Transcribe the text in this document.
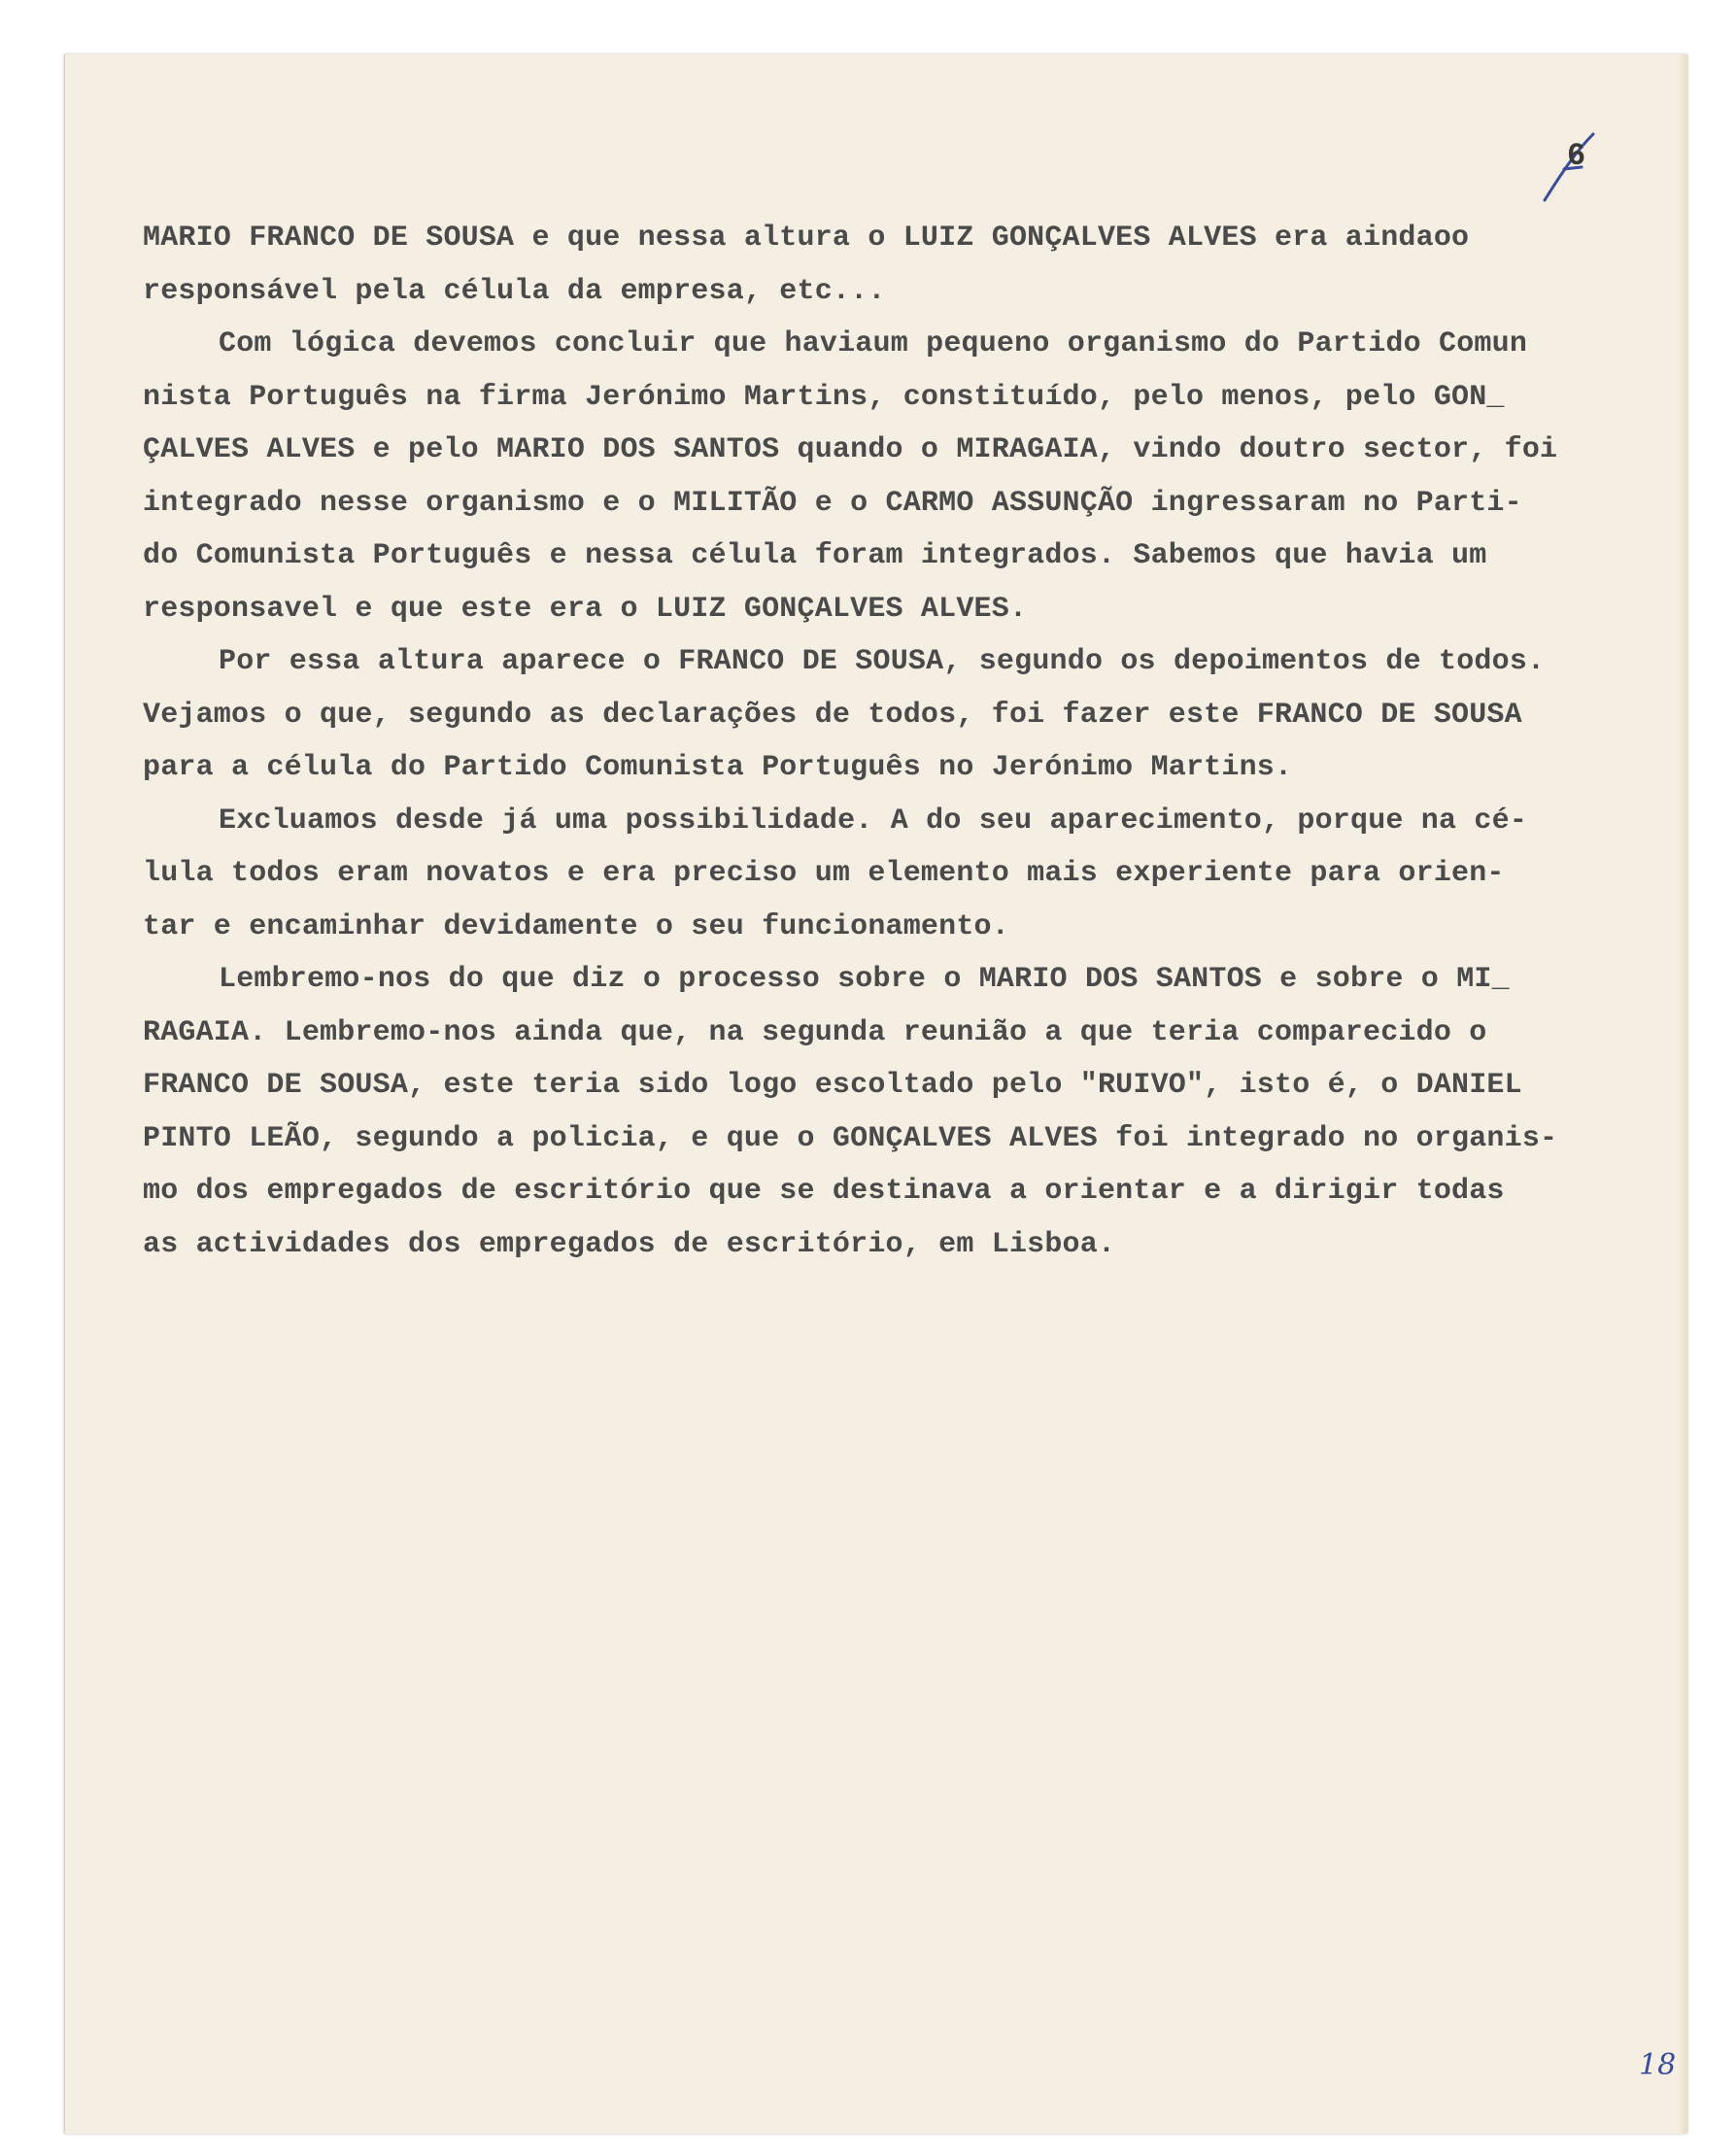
6
18
MARIO FRANCO DE SOUSA e que nessa altura o LUIZ GONÇALVES ALVES era aindaoo
responsável pela célula da empresa, etc...
Com lógica devemos concluir que haviaum pequeno organismo do Partido Comun
nista Português na firma Jerónimo Martins, constituído, pelo menos, pelo GON_
ÇALVES ALVES e pelo MARIO DOS SANTOS quando o MIRAGAIA, vindo doutro sector, foi
integrado nesse organismo e o MILITÃO e o CARMO ASSUNÇÃO ingressaram no Parti-
do Comunista Português e nessa célula foram integrados. Sabemos que havia um
responsavel e que este era o LUIZ GONÇALVES ALVES.
Por essa altura aparece o FRANCO DE SOUSA, segundo os depoimentos de todos.
Vejamos o que, segundo as declarações de todos, foi fazer este FRANCO DE SOUSA
para a célula do Partido Comunista Português no Jerónimo Martins.
Excluamos desde já uma possibilidade. A do seu aparecimento, porque na cé-
lula todos eram novatos e era preciso um elemento mais experiente para orien-
tar e encaminhar devidamente o seu funcionamento.
Lembremo-nos do que diz o processo sobre o MARIO DOS SANTOS e sobre o MI_
RAGAIA. Lembremo-nos ainda que, na segunda reunião a que teria comparecido o
FRANCO DE SOUSA, este teria sido logo escoltado pelo "RUIVO", isto é, o DANIEL
PINTO LEÃO, segundo a policia, e que o GONÇALVES ALVES foi integrado no organis-
mo dos empregados de escritório que se destinava a orientar e a dirigir todas
as actividades dos empregados de escritório, em Lisboa.
